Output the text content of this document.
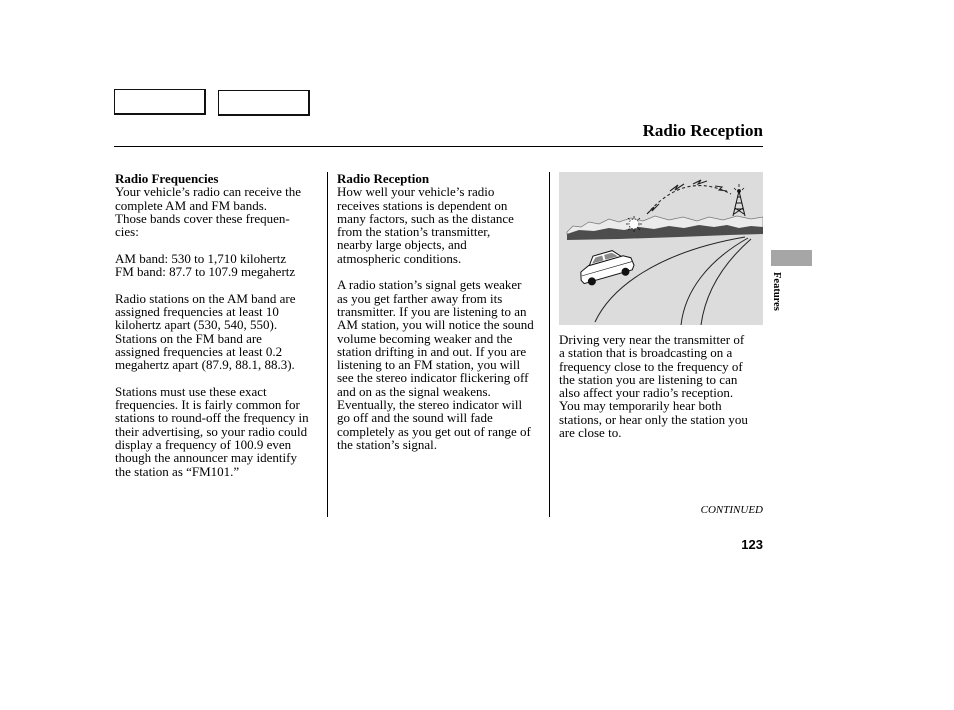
Radio Reception
Radio Frequencies
Your vehicle’s radio can receive the
complete AM and FM bands.
Those bands cover these frequen-
cies:
AM band: 530 to 1,710 kilohertz
FM band: 87.7 to 107.9 megahertz
Radio stations on the AM band are
assigned frequencies at least 10
kilohertz apart (530, 540, 550).
Stations on the FM band are
assigned frequencies at least 0.2
megahertz apart (87.9, 88.1, 88.3).
Stations must use these exact
frequencies. It is fairly common for
stations to round-off the frequency in
their advertising, so your radio could
display a frequency of 100.9 even
though the announcer may identify
the station as “FM101.”
Radio Reception
How well your vehicle’s radio
receives stations is dependent on
many factors, such as the distance
from the station’s transmitter,
nearby large objects, and
atmospheric conditions.
A radio station’s signal gets weaker
as you get farther away from its
transmitter. If you are listening to an
AM station, you will notice the sound
volume becoming weaker and the
station drifting in and out. If you are
listening to an FM station, you will
see the stereo indicator flickering off
and on as the signal weakens.
Eventually, the stereo indicator will
go off and the sound will fade
completely as you get out of range of
the station’s signal.
Driving very near the transmitter of
a station that is broadcasting on a
frequency close to the frequency of
the station you are listening to can
also affect your radio’s reception.
You may temporarily hear both
stations, or hear only the station you
are close to.
Features
CONTINUED
123
